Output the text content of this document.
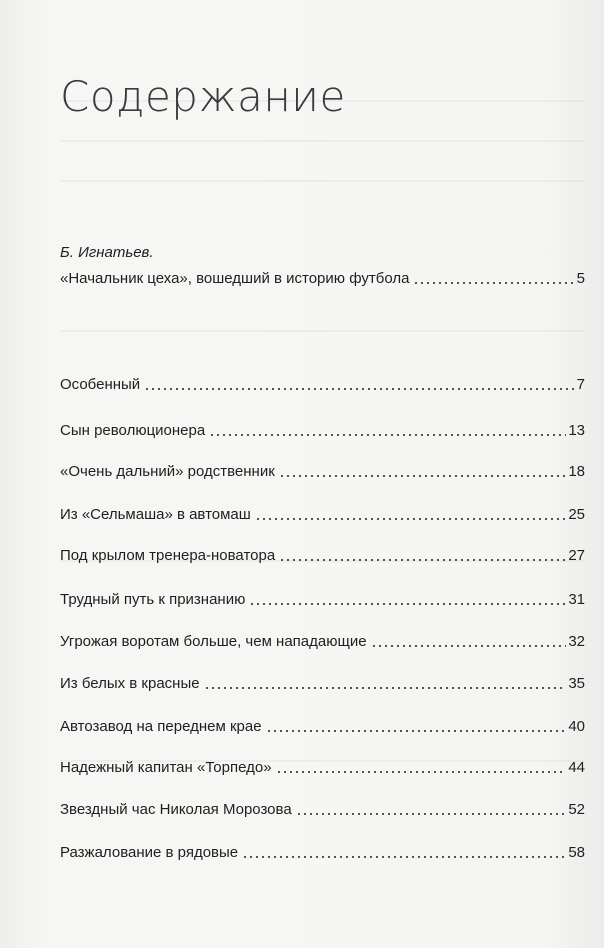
Содержание
Б. Игнатьев.
«Начальник цеха», вошедший в историю футбола	5
Особенный	7
Сын революционера	13
«Очень дальний» родственник	18
Из «Сельмаша» в автомаш	25
Под крылом тренера-новатора	27
Трудный путь к признанию	31
Угрожая воротам больше, чем нападающие	32
Из белых в красные	35
Автозавод на переднем крае	40
Надежный капитан «Торпедо»	44
Звездный час Николая Морозова	52
Разжалование в рядовые	58
